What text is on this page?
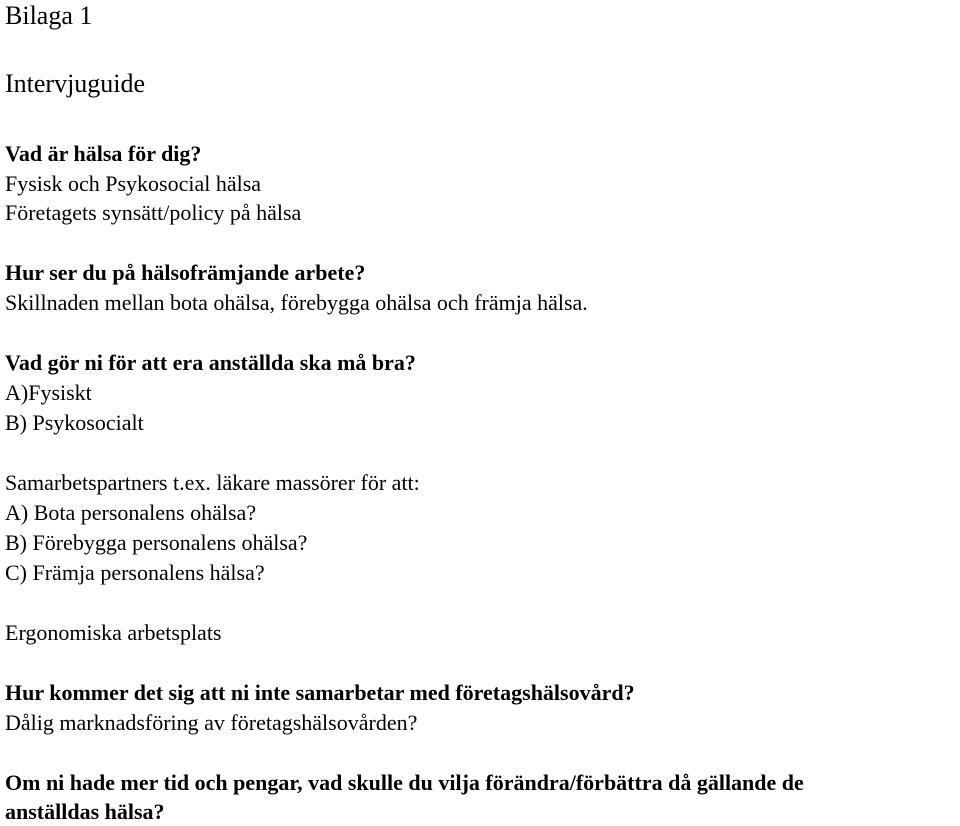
Bilaga 1
Intervjuguide
Vad är hälsa för dig?
Fysisk och Psykosocial hälsa
Företagets synsätt/policy på hälsa
Hur ser du på hälsofrämjande arbete?
Skillnaden mellan bota ohälsa, förebygga ohälsa och främja hälsa.
Vad gör ni för att era anställda ska må bra?
A)Fysiskt
B) Psykosocialt
Samarbetspartners t.ex. läkare massörer för att:
A) Bota personalens ohälsa?
B) Förebygga personalens ohälsa?
C) Främja personalens hälsa?
Ergonomiska arbetsplats
Hur kommer det sig att ni inte samarbetar med företagshälsovård?
Dålig marknadsföring av företagshälsovården?
Om ni hade mer tid och pengar, vad skulle du vilja förändra/förbättra då gällande de
anställdas hälsa?
